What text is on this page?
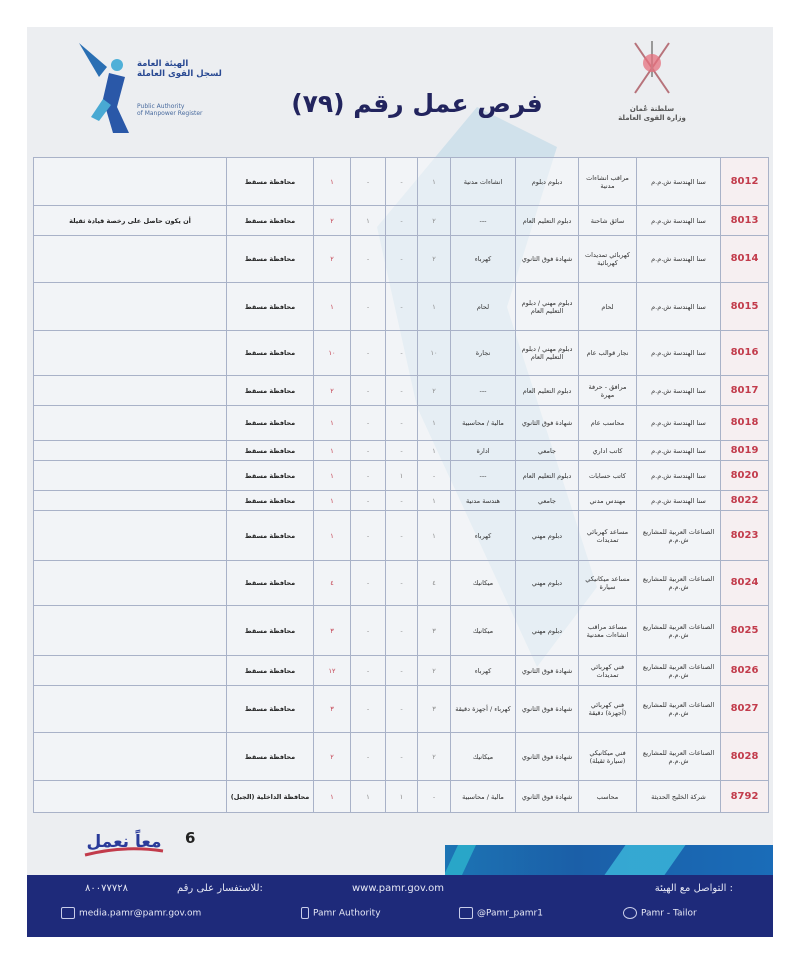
الهيئة العامة
لسجل القوى العاملة
Public Authority
of Manpower Register	فرص عمل رقم (٧٩)	سلطنة عُمان
وزارة القوى العاملة
8012	سنا الهندسة ش.م.م	مراقب انشاءات مدنية	دبلوم دبلوم	انشاءات مدنية	١	-	-	١	محافظة مسقط	
8013	سنا الهندسة ش.م.م	سائق شاحنة	دبلوم التعليم العام	---	٢	-	١	٢	محافظة مسقط	أن يكون حاصل على رخصة قيادة ثقيلة
8014	سنا الهندسة ش.م.م	كهربائي تمديدات كهربائية	شهادة فوق الثانوي	كهرباء	٢	-	-	٢	محافظة مسقط	
8015	سنا الهندسة ش.م.م	لحام	دبلوم مهني / دبلوم التعليم العام	لحام	١	-	-	١	محافظة مسقط	
8016	سنا الهندسة ش.م.م	نجار قوالب عام	دبلوم مهني / دبلوم التعليم العام	نجارة	١٠	-	-	١٠	محافظة مسقط	
8017	سنا الهندسة ش.م.م	مرافق - حرفة مهرة	دبلوم التعليم العام	---	٢	-	-	٢	محافظة مسقط	
8018	سنا الهندسة ش.م.م	محاسب عام	شهادة فوق الثانوي	مالية / محاسبية	١	-	-	١	محافظة مسقط	
8019	سنا الهندسة ش.م.م	كاتب اداري	جامعي	ادارة	١	-	-	١	محافظة مسقط	
8020	سنا الهندسة ش.م.م	كاتب حسابات	دبلوم التعليم العام	---	-	١	-	١	محافظة مسقط	
8022	سنا الهندسة ش.م.م	مهندس مدني	جامعي	هندسة مدنية	١	-	-	١	محافظة مسقط	
8023	الصناعات العربية للمشاريع ش.م.م	مساعد كهربائي تمديدات	دبلوم مهني	كهرباء	١	-	-	١	محافظة مسقط	
8024	الصناعات العربية للمشاريع ش.م.م	مساعد ميكانيكي سيارة	دبلوم مهني	ميكانيك	٤	-	-	٤	محافظة مسقط	
8025	الصناعات العربية للمشاريع ش.م.م	مساعد مراقب انشاءات معدنية	دبلوم مهني	ميكانيك	٣	-	-	٣	محافظة مسقط	
8026	الصناعات العربية للمشاريع ش.م.م	فني كهربائي تمديدات	شهادة فوق الثانوي	كهرباء	٢	-	-	١٢	محافظة مسقط	
8027	الصناعات العربية للمشاريع ش.م.م	فني كهربائي (أجهزة) دقيقة	شهادة فوق الثانوي	كهرباء / أجهزة دقيقة	٣	-	-	٣	محافظة مسقط	
8028	الصناعات العربية للمشاريع ش.م.م	فني ميكانيكي (سيارة ثقيلة)	شهادة فوق الثانوي	ميكانيك	٢	-	-	٢	محافظة مسقط	
8792	شركة الخليج الحديثة	محاسب	شهادة فوق الثانوي	مالية / محاسبية	-	١	١	١	محافظة الداخلية (الجبل)	
معاً نعمل 6
التواصل مع الهيئة :
www.pamr.gov.om
للاستفسار على رقم:
٨٠٠٧٧٧٢٨
media.pamr@pamr.gov.om	Pamr Authority	@Pamr_pamr1	Pamr - Tailor
